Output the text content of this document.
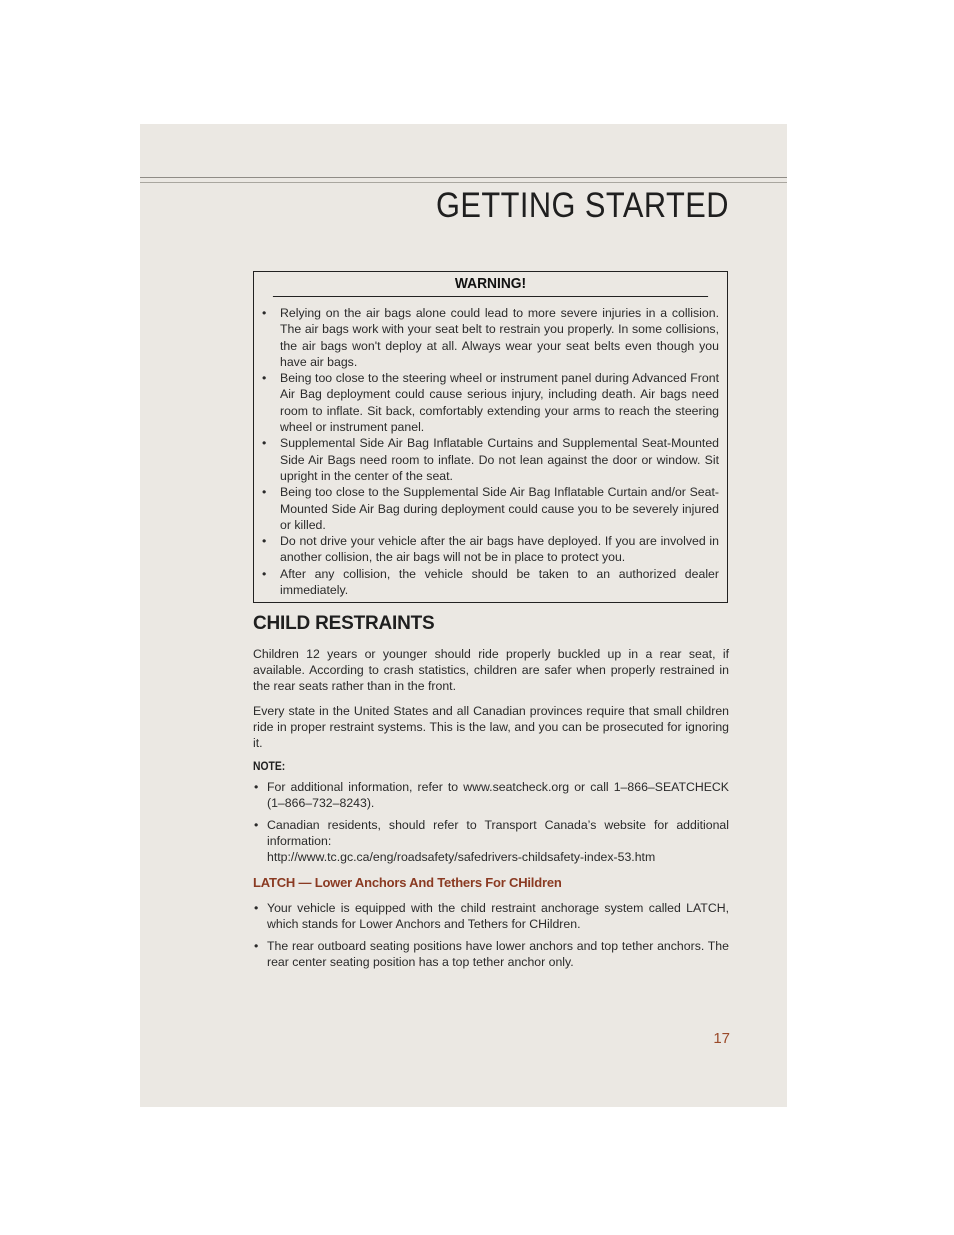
GETTING STARTED
WARNING!
• Relying on the air bags alone could lead to more severe injuries in a collision. The air bags work with your seat belt to restrain you properly. In some collisions, the air bags won't deploy at all. Always wear your seat belts even though you have air bags.
• Being too close to the steering wheel or instrument panel during Advanced Front Air Bag deployment could cause serious injury, including death. Air bags need room to inflate. Sit back, comfortably extending your arms to reach the steering wheel or instrument panel.
• Supplemental Side Air Bag Inflatable Curtains and Supplemental Seat-Mounted Side Air Bags need room to inflate. Do not lean against the door or window. Sit upright in the center of the seat.
• Being too close to the Supplemental Side Air Bag Inflatable Curtain and/or Seat-Mounted Side Air Bag during deployment could cause you to be severely injured or killed.
• Do not drive your vehicle after the air bags have deployed. If you are involved in another collision, the air bags will not be in place to protect you.
• After any collision, the vehicle should be taken to an authorized dealer immediately.
CHILD RESTRAINTS

Children 12 years or younger should ride properly buckled up in a rear seat, if available. According to crash statistics, children are safer when properly restrained in the rear seats rather than in the front.

Every state in the United States and all Canadian provinces require that small children ride in proper restraint systems. This is the law, and you can be prosecuted for ignoring it.

NOTE:
• For additional information, refer to www.seatcheck.org or call 1–866–SEATCHECK (1–866–732–8243).
• Canadian residents, should refer to Transport Canada’s website for additional information:
http://www.tc.gc.ca/eng/roadsafety/safedrivers-childsafety-index-53.htm
LATCH — Lower Anchors And Tethers For CHildren
• Your vehicle is equipped with the child restraint anchorage system called LATCH, which stands for Lower Anchors and Tethers for CHildren.
• The rear outboard seating positions have lower anchors and top tether anchors. The rear center seating position has a top tether anchor only.
17
